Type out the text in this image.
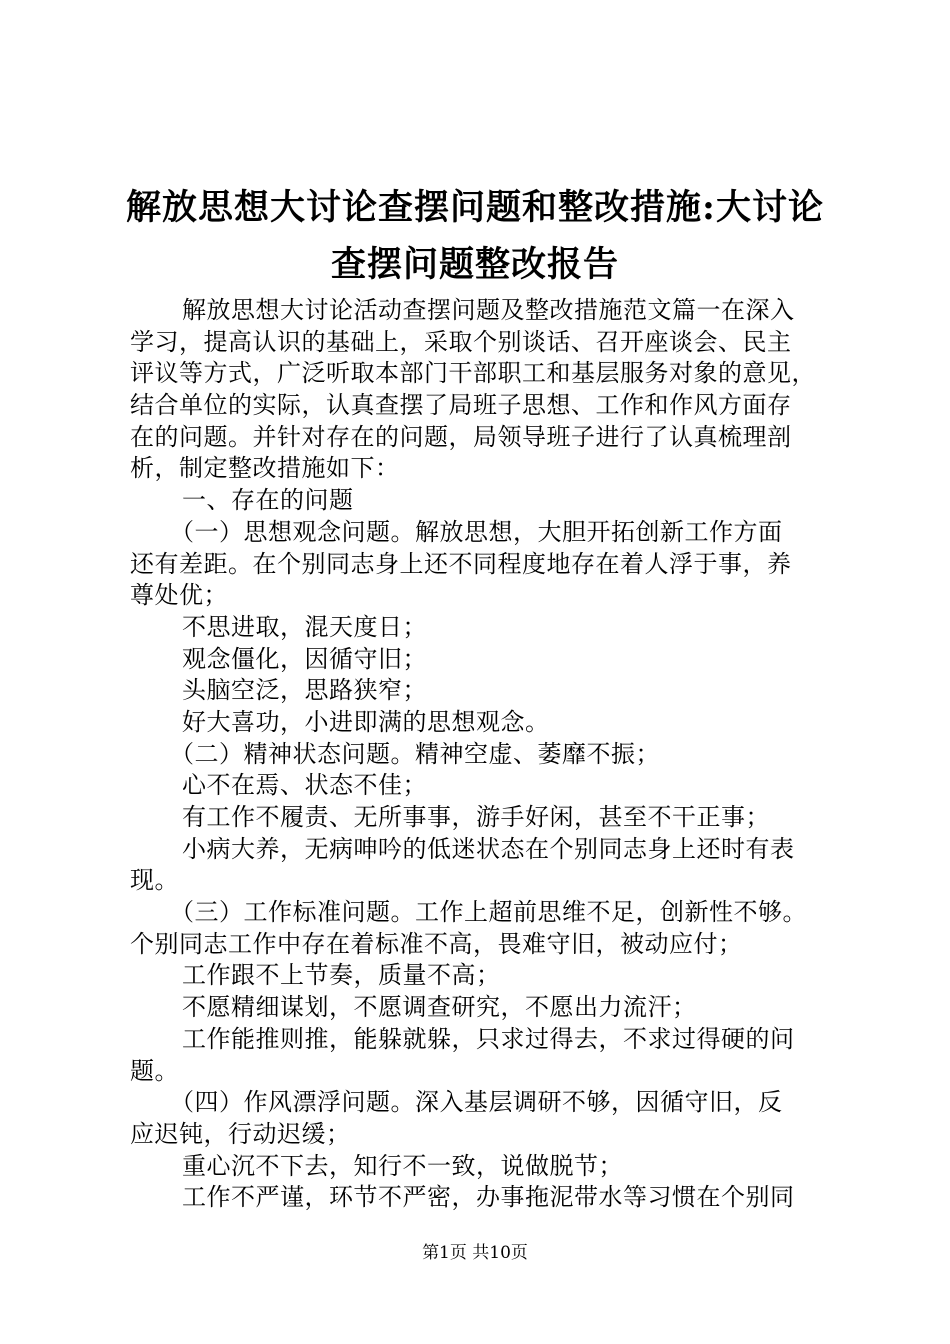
解放思想大讨论查摆问题和整改措施:大讨论
查摆问题整改报告
解放思想大讨论活动查摆问题及整改措施范文篇一在深入
学习，提高认识的基础上，采取个别谈话、召开座谈会、民主
评议等方式，广泛听取本部门干部职工和基层服务对象的意见，
结合单位的实际，认真查摆了局班子思想、工作和作风方面存
在的问题。并针对存在的问题，局领导班子进行了认真梳理剖
析，制定整改措施如下：
一、存在的问题
（一）思想观念问题。解放思想，大胆开拓创新工作方面
还有差距。在个别同志身上还不同程度地存在着人浮于事，养
尊处优；
不思进取，混天度日；
观念僵化，因循守旧；
头脑空泛，思路狭窄；
好大喜功，小进即满的思想观念。
（二）精神状态问题。精神空虚、萎靡不振；
心不在焉、状态不佳；
有工作不履责、无所事事，游手好闲，甚至不干正事；
小病大养，无病呻吟的低迷状态在个别同志身上还时有表
现。
（三）工作标准问题。工作上超前思维不足，创新性不够。
个别同志工作中存在着标准不高，畏难守旧，被动应付；
工作跟不上节奏，质量不高；
不愿精细谋划，不愿调查研究，不愿出力流汗；
工作能推则推，能躲就躲，只求过得去，不求过得硬的问
题。
（四）作风漂浮问题。深入基层调研不够，因循守旧，反
应迟钝，行动迟缓；
重心沉不下去，知行不一致，说做脱节；
工作不严谨，环节不严密，办事拖泥带水等习惯在个别同
第1页 共10页
